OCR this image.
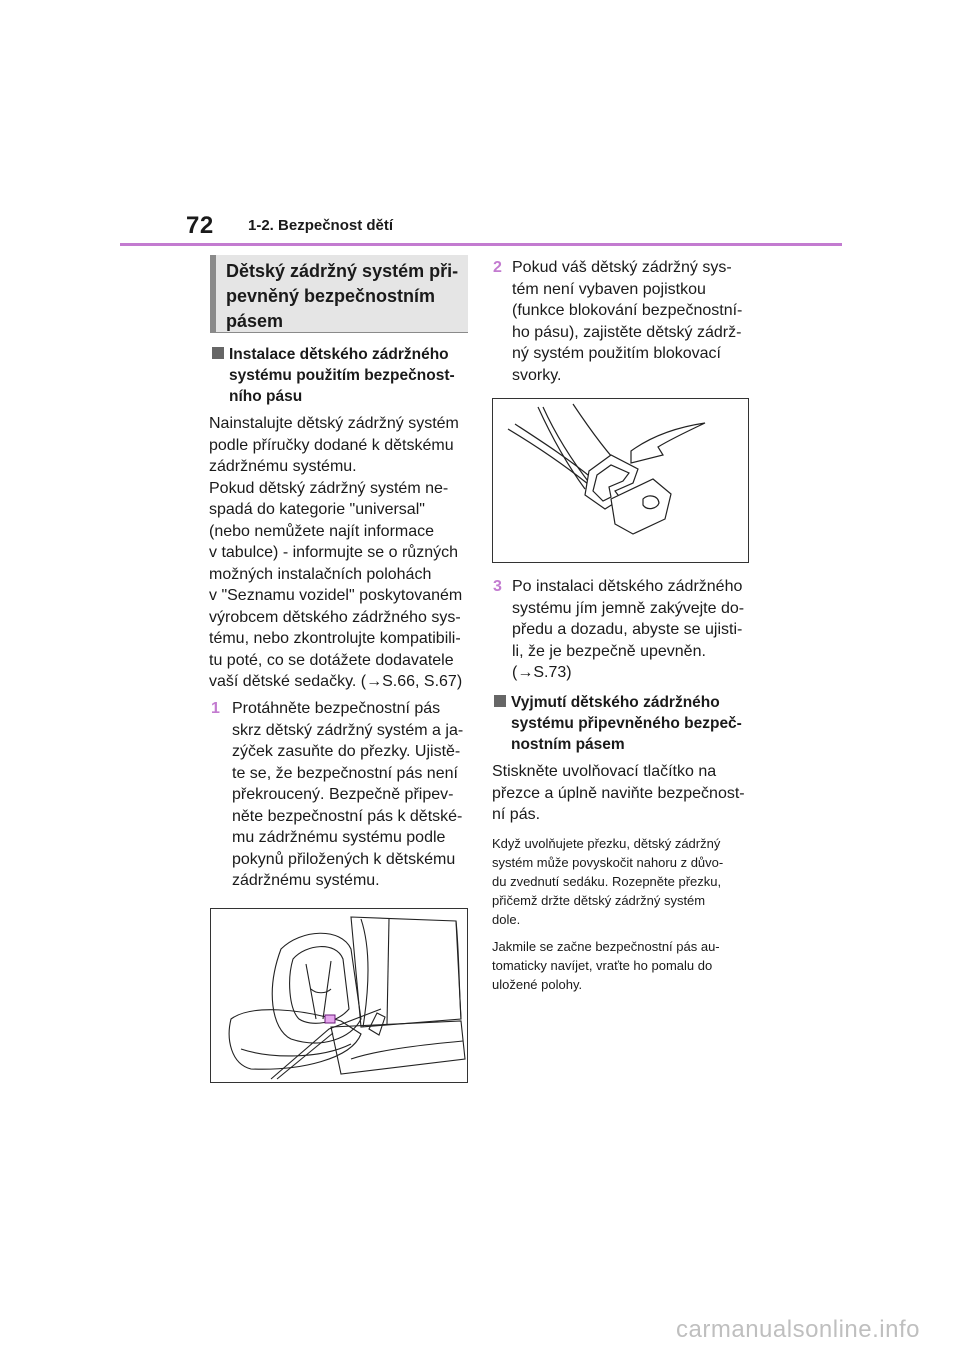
72 1-2. Bezpečnost dětí
Dětský zádržný systém při-
pevněný bezpečnostním
pásem
Instalace dětského zádržného
systému použitím bezpečnost-
ního pásu
Nainstalujte dětský zádržný systém
podle příručky dodané k dětskému
zádržnému systému.
Pokud dětský zádržný systém ne-
spadá do kategorie "universal"
(nebo nemůžete najít informace
v tabulce) - informujte se o různých
možných instalačních polohách
v "Seznamu vozidel" poskytovaném
výrobcem dětského zádržného sys-
tému, nebo zkontrolujte kompatibili-
tu poté, co se dotážete dodavatele
vaší dětské sedačky. (→S.66, S.67)
1 Protáhněte bezpečnostní pás
skrz dětský zádržný systém a ja-
zýček zasuňte do přezky. Ujistě-
te se, že bezpečnostní pás není
překroucený. Bezpečně připev-
něte bezpečnostní pás k dětské-
mu zádržnému systému podle
pokynů přiložených k dětskému
zádržnému systému.
2 Pokud váš dětský zádržný sys-
tém není vybaven pojistkou
(funkce blokování bezpečnostní-
ho pásu), zajistěte dětský zádrž-
ný systém použitím blokovací
svorky.
3 Po instalaci dětského zádržného
systému jím jemně zakývejte do-
předu a dozadu, abyste se ujisti-
li, že je bezpečně upevněn.
(→S.73)
Vyjmutí dětského zádržného
systému připevněného bezpeč-
nostním pásem
Stiskněte uvolňovací tlačítko na
přezce a úplně naviňte bezpečnost-
ní pás.
Když uvolňujete přezku, dětský zádržný
systém může povyskočit nahoru z důvo-
du zvednutí sedáku. Rozepněte přezku,
přičemž držte dětský zádržný systém
dole.
Jakmile se začne bezpečnostní pás au-
tomaticky navíjet, vraťte ho pomalu do
uložené polohy.
carmanualsonline.info
